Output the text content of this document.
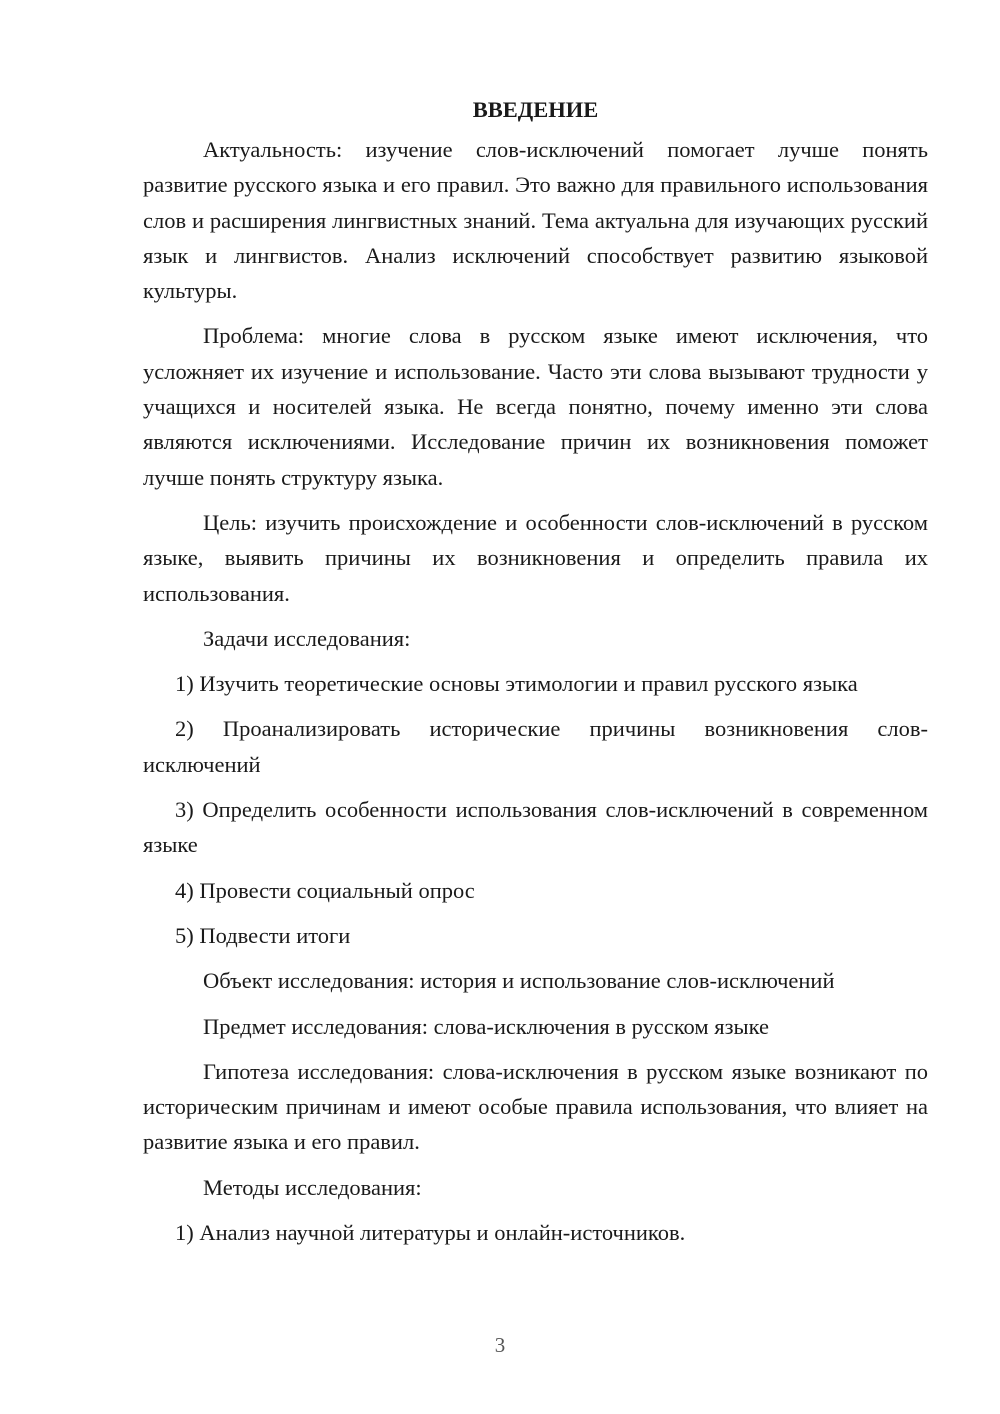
ВВЕДЕНИЕ

Актуальность: изучение слов-исключений помогает лучше понять развитие русского языка и его правил. Это важно для правильного использования слов и расширения лингвистных знаний. Тема актуальна для изучающих русский язык и лингвистов. Анализ исключений способствует развитию языковой культуры.

Проблема: многие слова в русском языке имеют исключения, что усложняет их изучение и использование. Часто эти слова вызывают трудности у учащихся и носителей языка. Не всегда понятно, почему именно эти слова являются исключениями. Исследование причин их возникновения поможет лучше понять структуру языка.

Цель: изучить происхождение и особенности слов-исключений в русском языке, выявить причины их возникновения и определить правила их использования.

Задачи исследования:

1) Изучить теоретические основы этимологии и правил русского языка

2) Проанализировать исторические причины возникновения слов-исключений

3) Определить особенности использования слов-исключений в современном языке

4) Провести социальный опрос

5) Подвести итоги

Объект исследования: история и использование слов-исключений

Предмет исследования: слова-исключения в русском языке

Гипотеза исследования: слова-исключения в русском языке возникают по историческим причинам и имеют особые правила использования, что влияет на развитие языка и его правил.

Методы исследования:

1) Анализ научной литературы и онлайн-источников.

3
